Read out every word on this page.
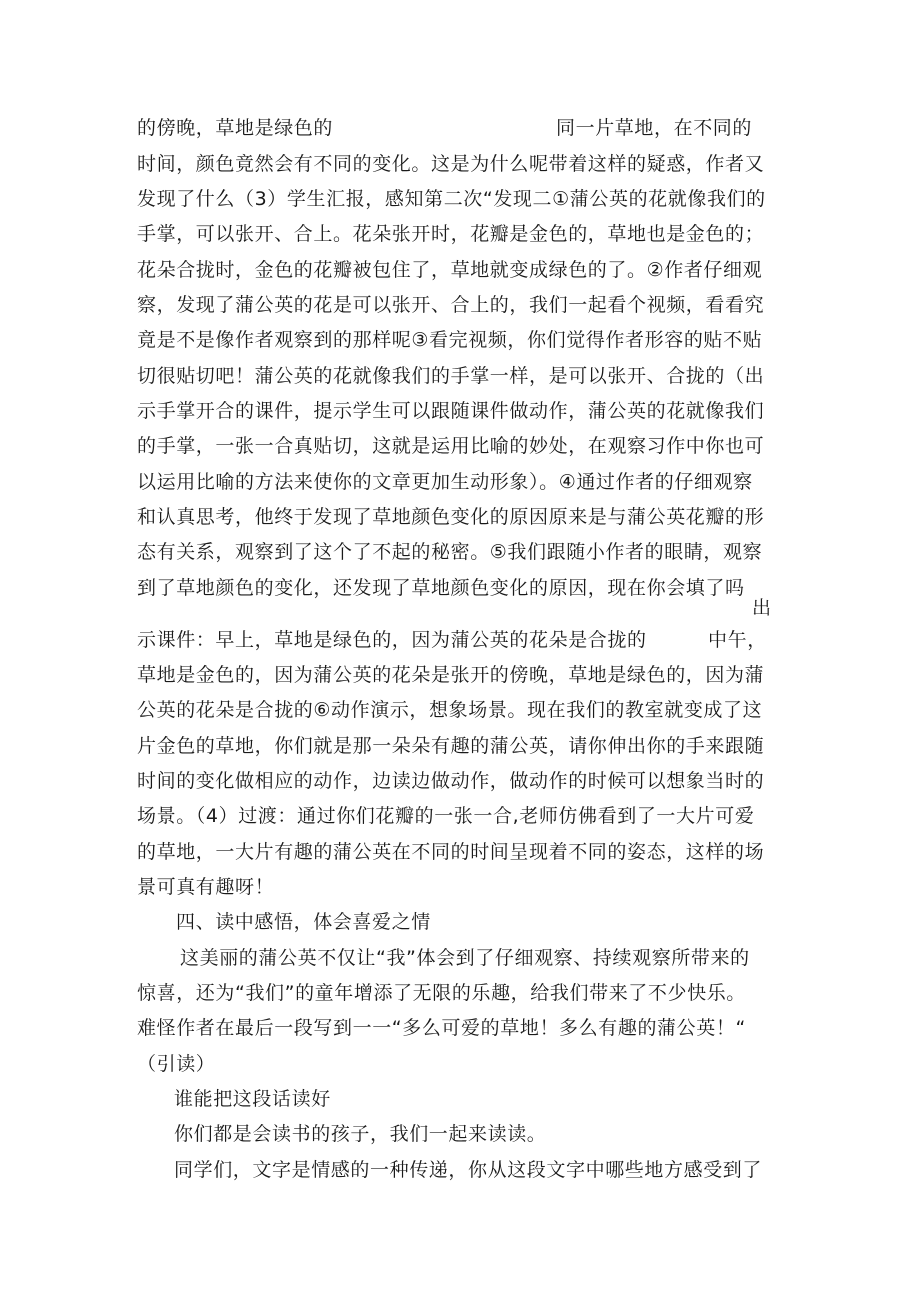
的傍晚，草地是绿色的	同一片草地，在不同的
时间，颜色竟然会有不同的变化。这是为什么呢带着这样的疑惑，作者又
发现了什么（3）学生汇报，感知第二次“发现二①蒲公英的花就像我们的
手掌，可以张开、合上。花朵张开时，花瓣是金色的，草地也是金色的；
花朵合拢时，金色的花瓣被包住了，草地就变成绿色的了。②作者仔细观
察，发现了蒲公英的花是可以张开、合上的，我们一起看个视频，看看究
竟是不是像作者观察到的那样呢③看完视频，你们觉得作者形容的贴不贴
切很贴切吧！蒲公英的花就像我们的手掌一样，是可以张开、合拢的（出
示手掌开合的课件，提示学生可以跟随课件做动作，蒲公英的花就像我们
的手掌，一张一合真贴切，这就是运用比喻的妙处，在观察习作中你也可
以运用比喻的方法来使你的文章更加生动形象）。④通过作者的仔细观察
和认真思考，他终于发现了草地颜色变化的原因原来是与蒲公英花瓣的形
态有关系，观察到了这个了不起的秘密。⑤我们跟随小作者的眼睛，观察
到了草地颜色的变化，还发现了草地颜色变化的原因，现在你会填了吗
出
示课件：早上，草地是绿色的，因为蒲公英的花朵是合拢的	中午，
草地是金色的，因为蒲公英的花朵是张开的傍晚，草地是绿色的，因为蒲
公英的花朵是合拢的⑥动作演示，想象场景。现在我们的教室就变成了这
片金色的草地，你们就是那一朵朵有趣的蒲公英，请你伸出你的手来跟随
时间的变化做相应的动作，边读边做动作，做动作的时候可以想象当时的
场景。（4）过渡：通过你们花瓣的一张一合,老师仿佛看到了一大片可爱
的草地，一大片有趣的蒲公英在不同的时间呈现着不同的姿态，这样的场
景可真有趣呀！
四、读中感悟，体会喜爱之情
这美丽的蒲公英不仅让“我”体会到了仔细观察、持续观察所带来的
惊喜，还为“我们”的童年增添了无限的乐趣，给我们带来了不少快乐。
难怪作者在最后一段写到一一“多么可爱的草地！多么有趣的蒲公英！“
（引读）
谁能把这段话读好
你们都是会读书的孩子，我们一起来读读。
同学们，文字是情感的一种传递，你从这段文字中哪些地方感受到了
